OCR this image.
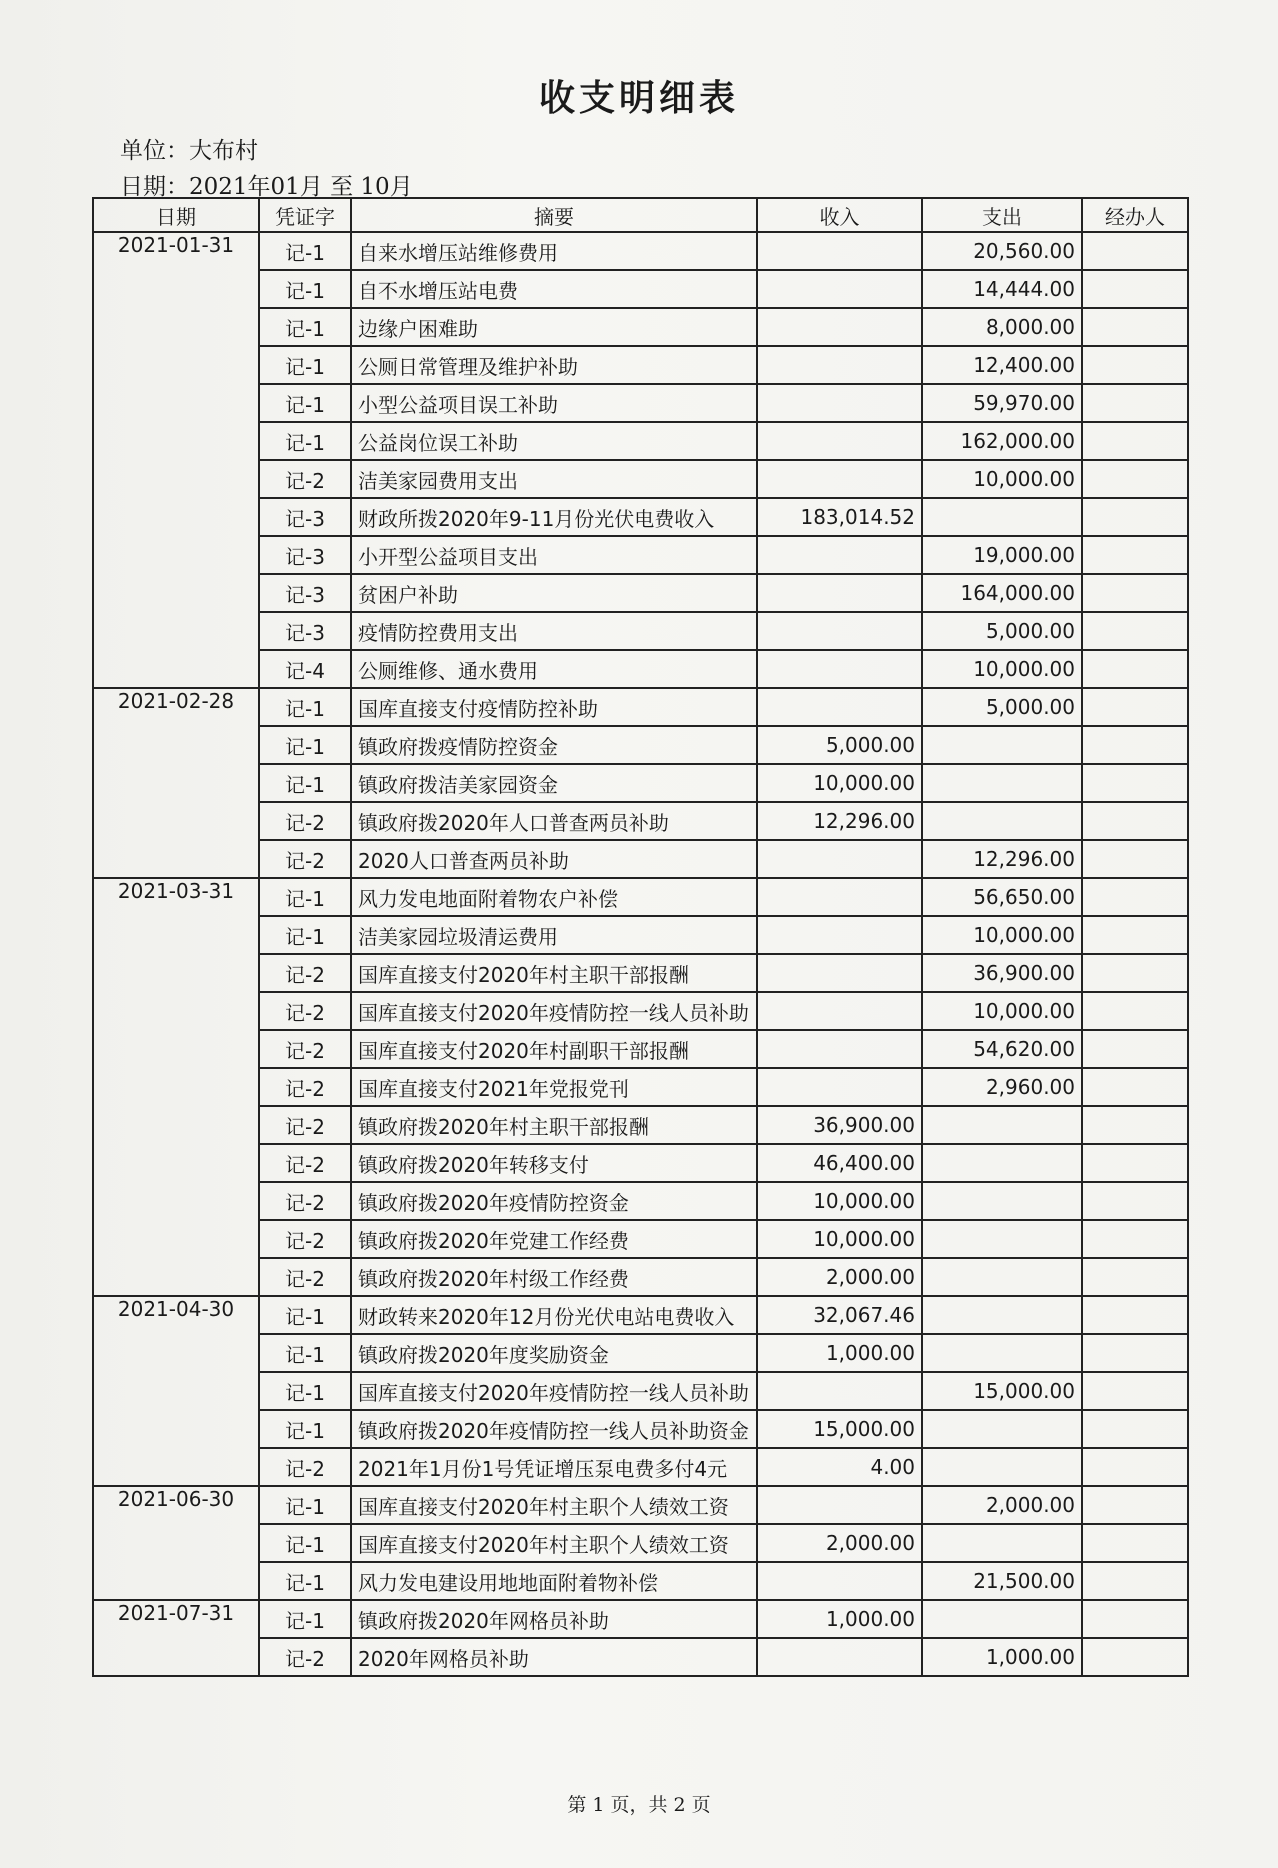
收支明细表
单位：大布村
日期：2021年01月 至 10月
日期	凭证字	摘要	收入	支出	经办人
2021-01-31	记-1	自来水增压站维修费用		20,560.00	
	记-1	自不水增压站电费		14,444.00	
	记-1	边缘户困难助		8,000.00	
	记-1	公厕日常管理及维护补助		12,400.00	
	记-1	小型公益项目误工补助		59,970.00	
	记-1	公益岗位误工补助		162,000.00	
	记-2	洁美家园费用支出		10,000.00	
	记-3	财政所拨2020年9-11月份光伏电费收入	183,014.52		
	记-3	小开型公益项目支出		19,000.00	
	记-3	贫困户补助		164,000.00	
	记-3	疫情防控费用支出		5,000.00	
	记-4	公厕维修、通水费用		10,000.00	
2021-02-28	记-1	国库直接支付疫情防控补助		5,000.00	
	记-1	镇政府拨疫情防控资金	5,000.00		
	记-1	镇政府拨洁美家园资金	10,000.00		
	记-2	镇政府拨2020年人口普查两员补助	12,296.00		
	记-2	2020人口普查两员补助		12,296.00	
2021-03-31	记-1	风力发电地面附着物农户补偿		56,650.00	
	记-1	洁美家园垃圾清运费用		10,000.00	
	记-2	国库直接支付2020年村主职干部报酬		36,900.00	
	记-2	国库直接支付2020年疫情防控一线人员补助		10,000.00	
	记-2	国库直接支付2020年村副职干部报酬		54,620.00	
	记-2	国库直接支付2021年党报党刊		2,960.00	
	记-2	镇政府拨2020年村主职干部报酬	36,900.00		
	记-2	镇政府拨2020年转移支付	46,400.00		
	记-2	镇政府拨2020年疫情防控资金	10,000.00		
	记-2	镇政府拨2020年党建工作经费	10,000.00		
	记-2	镇政府拨2020年村级工作经费	2,000.00		
2021-04-30	记-1	财政转来2020年12月份光伏电站电费收入	32,067.46		
	记-1	镇政府拨2020年度奖励资金	1,000.00		
	记-1	国库直接支付2020年疫情防控一线人员补助		15,000.00	
	记-1	镇政府拨2020年疫情防控一线人员补助资金	15,000.00		
	记-2	2021年1月份1号凭证增压泵电费多付4元	4.00		
2021-06-30	记-1	国库直接支付2020年村主职个人绩效工资		2,000.00	
	记-1	国库直接支付2020年村主职个人绩效工资	2,000.00		
	记-1	风力发电建设用地地面附着物补偿		21,500.00	
2021-07-31	记-1	镇政府拨2020年网格员补助	1,000.00		
	记-2	2020年网格员补助		1,000.00	
第 1 页，共 2 页
